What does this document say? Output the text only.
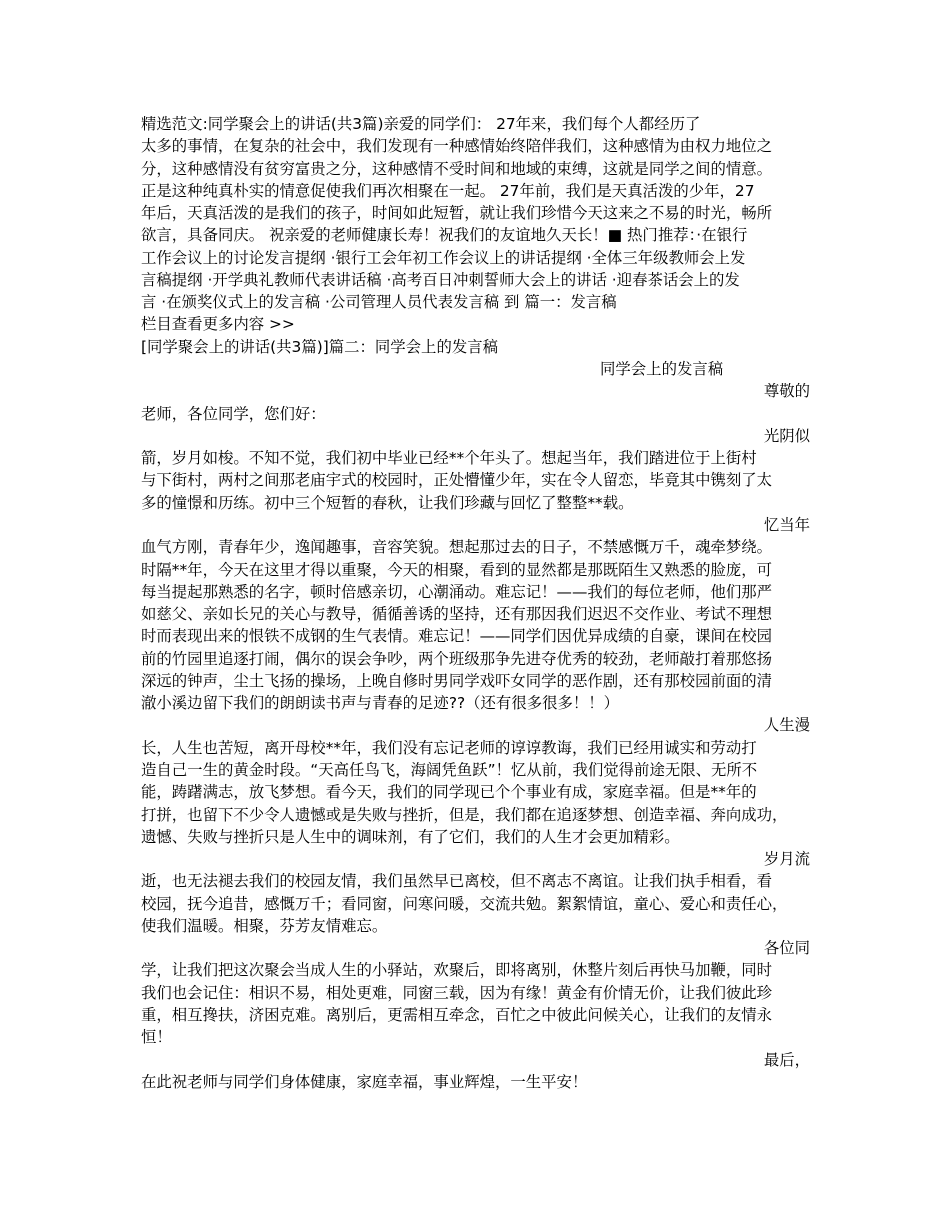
精选范文:同学聚会上的讲话(共3篇)亲爱的同学们： 27年来，我们每个人都经历了
太多的事情，在复杂的社会中，我们发现有一种感情始终陪伴我们，这种感情为由权力地位之
分，这种感情没有贫穷富贵之分，这种感情不受时间和地域的束缚，这就是同学之间的情意。
正是这种纯真朴实的情意促使我们再次相聚在一起。 27年前，我们是天真活泼的少年，27
年后，天真活泼的是我们的孩子，时间如此短暂，就让我们珍惜今天这来之不易的时光，畅所
欲言，具备同庆。 祝亲爱的老师健康长寿！祝我们的友谊地久天长！■ 热门推荐：·在银行
工作会议上的讨论发言提纲 ·银行工会年初工作会议上的讲话提纲 ·全体三年级教师会上发
言稿提纲 ·开学典礼教师代表讲话稿 ·高考百日冲刺誓师大会上的讲话 ·迎春茶话会上的发
言 ·在颁奖仪式上的发言稿 ·公司管理人员代表发言稿 到 篇一：发言稿
栏目查看更多内容 >>
[同学聚会上的讲话(共3篇)]篇二：同学会上的发言稿
同学会上的发言稿
尊敬的
老师，各位同学，您们好：
光阴似
箭，岁月如梭。不知不觉，我们初中毕业已经**个年头了。想起当年，我们踏进位于上街村
与下街村，两村之间那老庙宇式的校园时，正处懵懂少年，实在令人留恋，毕竟其中镌刻了太
多的憧憬和历练。初中三个短暂的春秋，让我们珍藏与回忆了整整**载。
忆当年
血气方刚，青春年少，逸闻趣事，音容笑貌。想起那过去的日子，不禁感慨万千，魂牵梦绕。
时隔**年，今天在这里才得以重聚，今天的相聚，看到的显然都是那既陌生又熟悉的脸庞，可
每当提起那熟悉的名字，顿时倍感亲切，心潮涌动。难忘记！——我们的每位老师，他们那严
如慈父、亲如长兄的关心与教导，循循善诱的坚持，还有那因我们迟迟不交作业、考试不理想
时而表现出来的恨铁不成钢的生气表情。难忘记！——同学们因优异成绩的自豪，课间在校园
前的竹园里追逐打闹，偶尔的误会争吵，两个班级那争先进夺优秀的较劲，老师敲打着那悠扬
深远的钟声，尘土飞扬的操场，上晚自修时男同学戏吓女同学的恶作剧，还有那校园前面的清
澈小溪边留下我们的朗朗读书声与青春的足迹??（还有很多很多！！）
人生漫
长，人生也苦短，离开母校**年，我们没有忘记老师的谆谆教诲，我们已经用诚实和劳动打
造自己一生的黄金时段。“天高任鸟飞，海阔凭鱼跃”！忆从前，我们觉得前途无限、无所不
能，踌躇满志，放飞梦想。看今天，我们的同学现已个个事业有成，家庭幸福。但是**年的
打拼，也留下不少令人遗憾或是失败与挫折，但是，我们都在追逐梦想、创造幸福、奔向成功，
遗憾、失败与挫折只是人生中的调味剂，有了它们，我们的人生才会更加精彩。
岁月流
逝，也无法褪去我们的校园友情，我们虽然早已离校，但不离志不离谊。让我们执手相看，看
校园，抚今追昔，感慨万千；看同窗，问寒问暖，交流共勉。絮絮情谊，童心、爱心和责任心，
使我们温暖。相聚，芬芳友情难忘。
各位同
学，让我们把这次聚会当成人生的小驿站，欢聚后，即将离别，休整片刻后再快马加鞭，同时
我们也会记住：相识不易，相处更难，同窗三载，因为有缘！黄金有价情无价，让我们彼此珍
重，相互搀扶，济困克难。离别后，更需相互牵念，百忙之中彼此问候关心，让我们的友情永
恒！
最后，
在此祝老师与同学们身体健康，家庭幸福，事业辉煌，一生平安！
